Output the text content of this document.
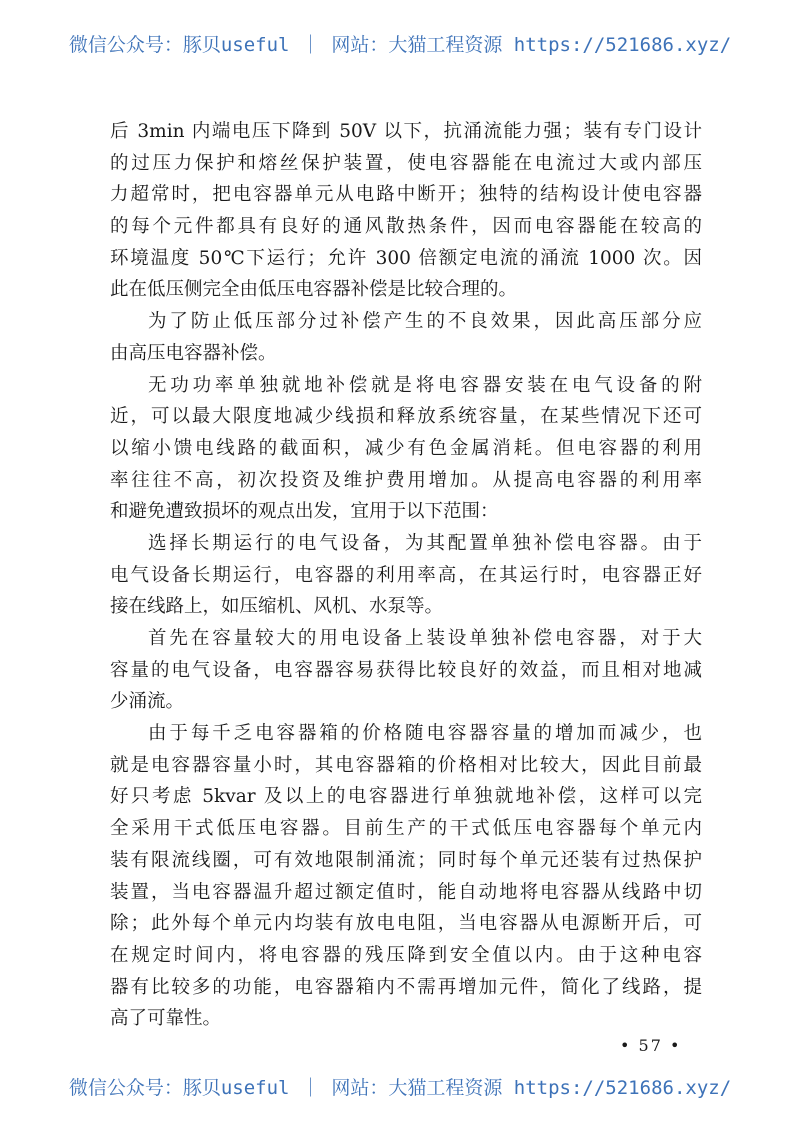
微信公众号：豚贝useful ｜ 网站：大猫工程资源 https://521686.xyz/
后 3min 内端电压下降到 50V 以下，抗涌流能力强；装有专门设计
的过压力保护和熔丝保护装置，使电容器能在电流过大或内部压
力超常时，把电容器单元从电路中断开；独特的结构设计使电容器
的每个元件都具有良好的通风散热条件，因而电容器能在较高的
环境温度 50℃下运行；允许 300 倍额定电流的涌流 1000 次。因
此在低压侧完全由低压电容器补偿是比较合理的。
为了防止低压部分过补偿产生的不良效果，因此高压部分应
由高压电容器补偿。
无功功率单独就地补偿就是将电容器安装在电气设备的附
近，可以最大限度地减少线损和释放系统容量，在某些情况下还可
以缩小馈电线路的截面积，减少有色金属消耗。但电容器的利用
率往往不高，初次投资及维护费用增加。从提高电容器的利用率
和避免遭致损坏的观点出发，宜用于以下范围：
选择长期运行的电气设备，为其配置单独补偿电容器。由于
电气设备长期运行，电容器的利用率高，在其运行时，电容器正好
接在线路上，如压缩机、风机、水泵等。
首先在容量较大的用电设备上装设单独补偿电容器，对于大
容量的电气设备，电容器容易获得比较良好的效益，而且相对地减
少涌流。
由于每千乏电容器箱的价格随电容器容量的增加而减少，也
就是电容器容量小时，其电容器箱的价格相对比较大，因此目前最
好只考虑 5kvar 及以上的电容器进行单独就地补偿，这样可以完
全采用干式低压电容器。目前生产的干式低压电容器每个单元内
装有限流线圈，可有效地限制涌流；同时每个单元还装有过热保护
装置，当电容器温升超过额定值时，能自动地将电容器从线路中切
除；此外每个单元内均装有放电电阻，当电容器从电源断开后，可
在规定时间内，将电容器的残压降到安全值以内。由于这种电容
器有比较多的功能，电容器箱内不需再增加元件，简化了线路，提
高了可靠性。
• 57 •
微信公众号：豚贝useful ｜ 网站：大猫工程资源 https://521686.xyz/
